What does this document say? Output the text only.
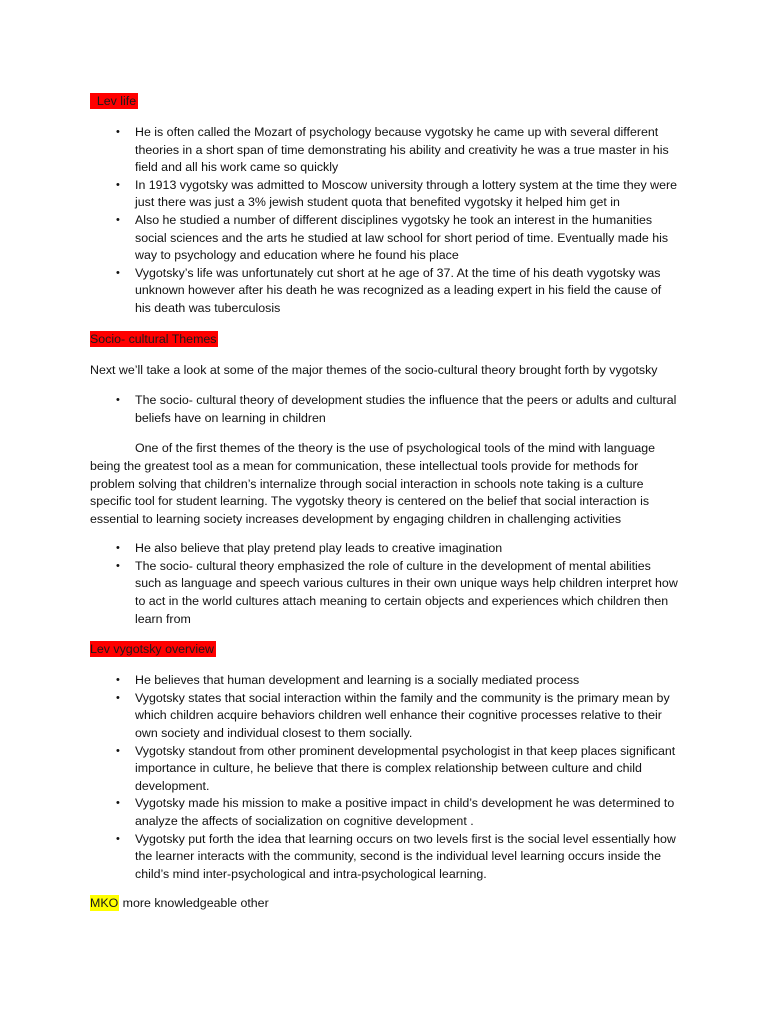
Lev life
• He is often called the Mozart of psychology because vygotsky he came up with several different theories in a short span of time demonstrating his ability and creativity he was a true master in his field and all his work came so quickly
• In 1913 vygotsky was admitted to Moscow university through a lottery system at the time they were just there was just a 3% jewish student quota that benefited vygotsky it helped him get in
• Also he studied a number of different disciplines vygotsky he took an interest in the humanities social sciences and the arts he studied at law school for short period of time. Eventually made his way to psychology and education where he found his place
• Vygotsky’s life was unfortunately cut short at he age of 37. At the time of his death vygotsky was unknown however after his death he was recognized as a leading expert in his field the cause of his death was tuberculosis
Socio- cultural Themes

Next we’ll take a look at some of the major themes of the socio-cultural theory brought forth by vygotsky

• The socio- cultural theory of development studies the influence that the peers or adults and cultural beliefs have on learning in children

One of the first themes of the theory is the use of psychological tools of the mind with language being the greatest tool as a mean for communication, these intellectual tools provide for methods for problem solving that children’s internalize through social interaction in schools note taking is a culture specific tool for student learning. The vygotsky theory is centered on the belief that social interaction is essential to learning society increases development by engaging children in challenging activities

• He also believe that play pretend play leads to creative imagination
• The socio- cultural theory emphasized the role of culture in the development of mental abilities such as language and speech various cultures in their own unique ways help children interpret how to act in the world cultures attach meaning to certain objects and experiences which children then learn from
Lev vygotsky overview
• He believes that human development and learning is a socially mediated process
• Vygotsky states that social interaction within the family and the community is the primary mean by which children acquire behaviors children well enhance their cognitive processes relative to their own society and individual closest to them socially.
• Vygotsky standout from other prominent developmental psychologist in that keep places significant importance in culture, he believe that there is complex relationship between culture and child development.
• Vygotsky made his mission to make a positive impact in child’s development he was determined to analyze the affects of socialization on cognitive development .
• Vygotsky put forth the idea that learning occurs on two levels first is the social level essentially how the learner interacts with the community, second is the individual level learning occurs inside the child’s mind inter-psychological and intra-psychological learning.

MKO more knowledgeable other
